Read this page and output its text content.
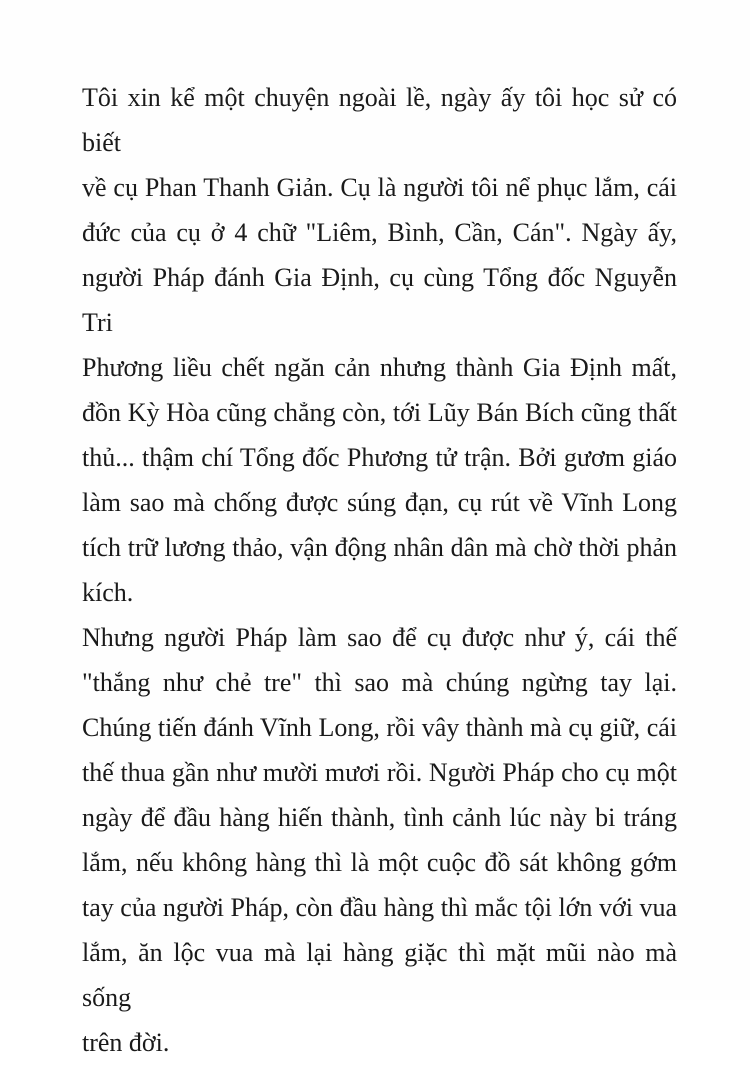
Tôi xin kể một chuyện ngoài lề, ngày ấy tôi học sử có biết
về cụ Phan Thanh Giản. Cụ là người tôi nể phục lắm, cái
đức của cụ ở 4 chữ "Liêm, Bình, Cần, Cán". Ngày ấy,
người Pháp đánh Gia Định, cụ cùng Tổng đốc Nguyễn Tri
Phương liều chết ngăn cản nhưng thành Gia Định mất,
đồn Kỳ Hòa cũng chẳng còn, tới Lũy Bán Bích cũng thất
thủ... thậm chí Tổng đốc Phương tử trận. Bởi gươm giáo
làm sao mà chống được súng đạn, cụ rút về Vĩnh Long
tích trữ lương thảo, vận động nhân dân mà chờ thời phản
kích.
Nhưng người Pháp làm sao để cụ được như ý, cái thế
"thắng như chẻ tre" thì sao mà chúng ngừng tay lại.
Chúng tiến đánh Vĩnh Long, rồi vây thành mà cụ giữ, cái
thế thua gần như mười mươi rồi. Người Pháp cho cụ một
ngày để đầu hàng hiến thành, tình cảnh lúc này bi tráng
lắm, nếu không hàng thì là một cuộc đồ sát không gớm
tay của người Pháp, còn đầu hàng thì mắc tội lớn với vua
lắm, ăn lộc vua mà lại hàng giặc thì mặt mũi nào mà sống
trên đời.
